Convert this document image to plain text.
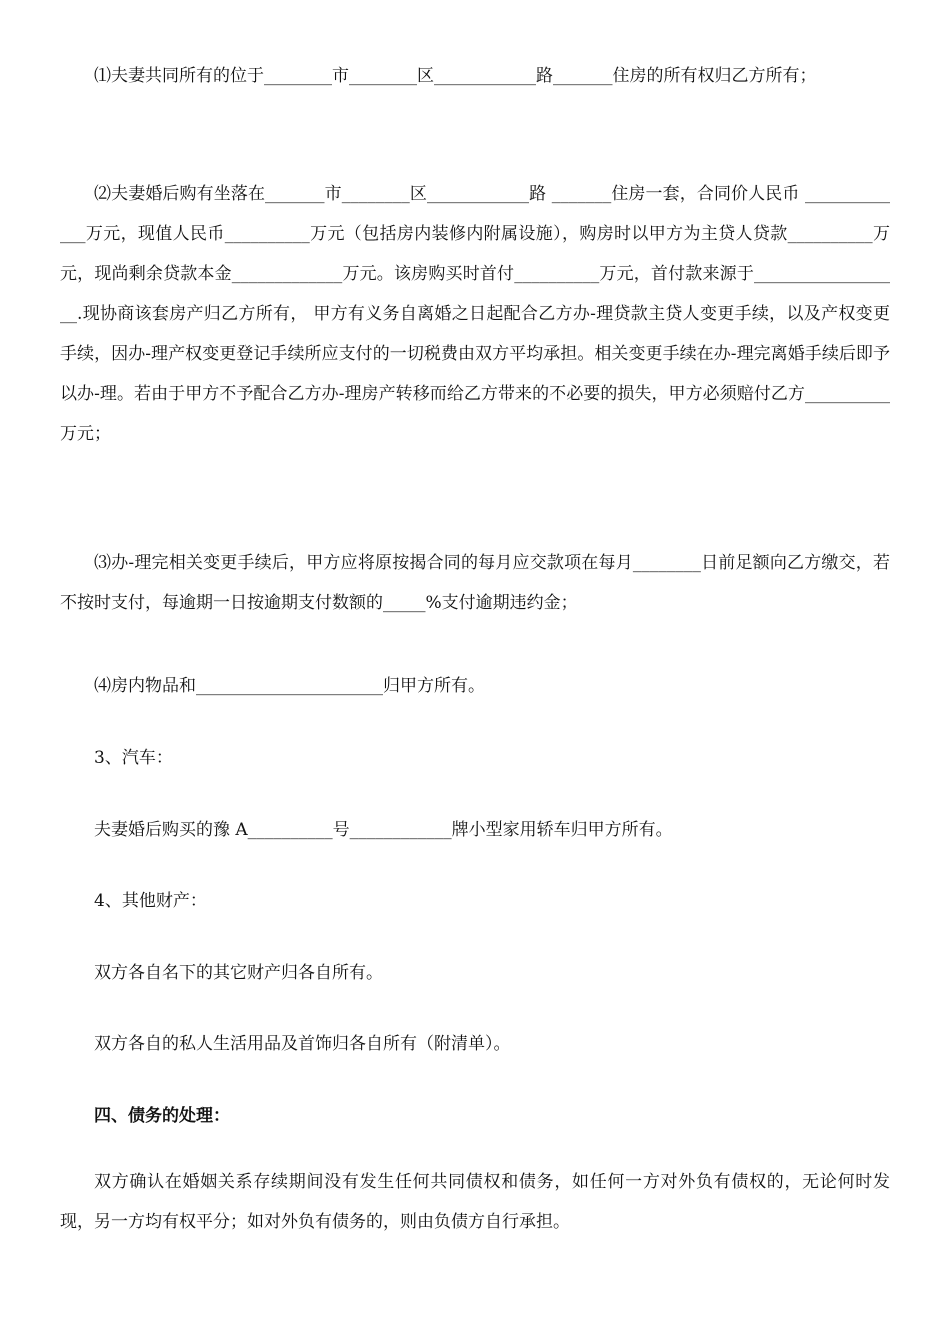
⑴夫妻共同所有的位于________市________区____________路_______住房的所有权归乙方所有；

⑵夫妻婚后购有坐落在_______市________区____________路 _______住房一套，合同价人民币 _____________万元，现值人民币__________万元（包括房内装修内附属设施），购房时以甲方为主贷人贷款__________万元，现尚剩余贷款本金_____________万元。该房购买时首付__________万元，首付款来源于__________________.现协商该套房产归乙方所有， 甲方有义务自离婚之日起配合乙方办-理贷款主贷人变更手续，以及产权变更手续，因办-理产权变更登记手续所应支付的一切税费由双方平均承担。相关变更手续在办-理完离婚手续后即予以办-理。若由于甲方不予配合乙方办-理房产转移而给乙方带来的不必要的损失，甲方必须赔付乙方__________万元；

⑶办-理完相关变更手续后，甲方应将原按揭合同的每月应交款项在每月________日前足额向乙方缴交，若不按时支付，每逾期一日按逾期支付数额的_____%支付逾期违约金；

⑷房内物品和______________________归甲方所有。

3、汽车：

夫妻婚后购买的豫 A__________号____________牌小型家用轿车归甲方所有。

4、其他财产：

双方各自名下的其它财产归各自所有。

双方各自的私人生活用品及首饰归各自所有（附清单）。

四、债务的处理：

双方确认在婚姻关系存续期间没有发生任何共同债权和债务，如任何一方对外负有债权的，无论何时发现，另一方均有权平分；如对外负有债务的，则由负债方自行承担。
